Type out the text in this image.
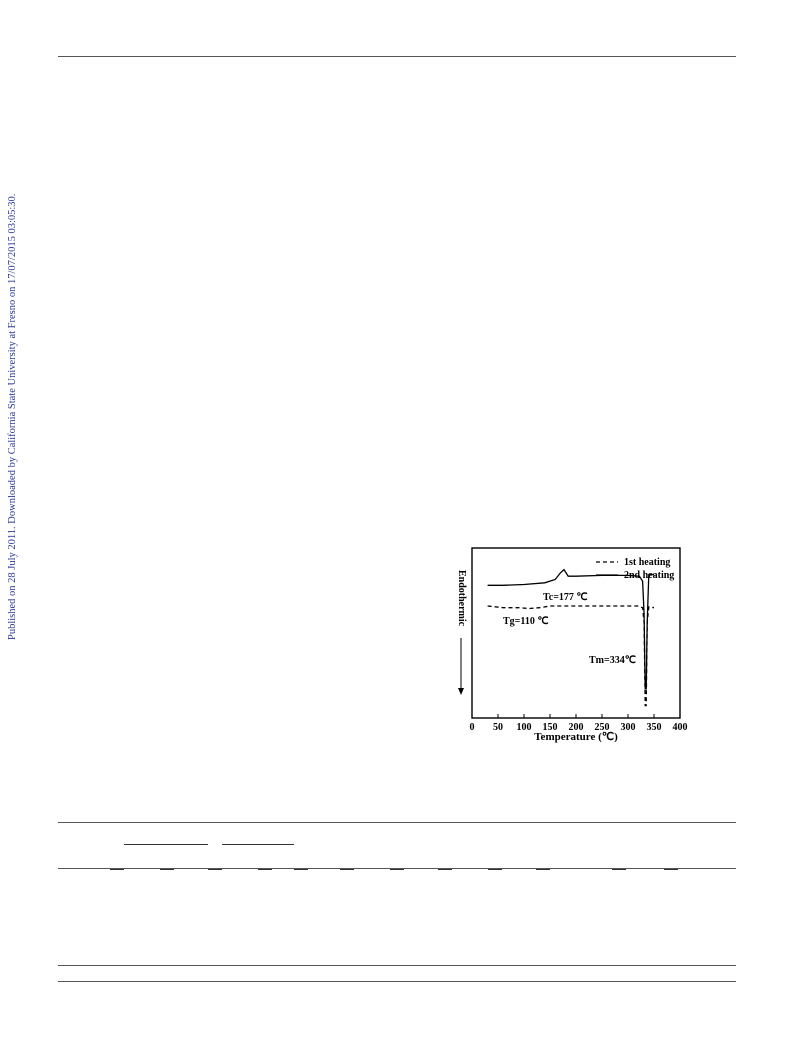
Published on 28 July 2011. Downloaded by California State University at Fresno on 17/07/2015 03:05:30.
0 50 100 150 200 250 300 350 400
1st heating
2nd heating
Tc=177 ℃
Tg=110 ℃
Tm=334℃
Endothermic
Temperature (℃)
